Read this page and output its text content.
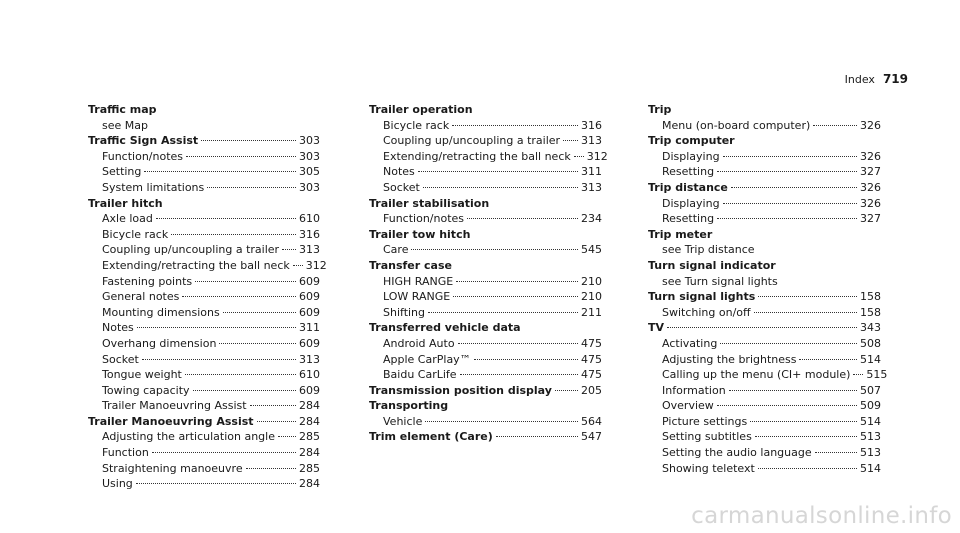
Index 719
Traffic map
see Map
Traffic Sign Assist	303
Function/notes	303
Setting	305
System limitations	303
Trailer hitch
Axle load	610
Bicycle rack	316
Coupling up/uncoupling a trailer 313
Extending/retracting the ball neck 312
Fastening points	609
General notes	609
Mounting dimensions	609
Notes	311
Overhang dimension	609
Socket	313
Tongue weight	610
Towing capacity	609
Trailer Manoeuvring Assist	284
Trailer Manoeuvring Assist	284
Adjusting the articulation angle 285
Function	284
Straightening manoeuvre	285
Using	284
Trailer operation
Bicycle rack	316
Coupling up/uncoupling a trailer 313
Extending/retracting the ball neck 312
Notes	311
Socket	313
Trailer stabilisation
Function/notes	234
Trailer tow hitch
Care	545
Transfer case
HIGH RANGE	210
LOW RANGE	210
Shifting	211
Transferred vehicle data
Android Auto	475
Apple CarPlay™	475
Baidu CarLife	475
Transmission position display	205
Transporting
Vehicle	564
Trim element (Care)	547
Trip
Menu (on-board computer)	326
Trip computer
Displaying	326
Resetting	327
Trip distance	326
Displaying	326
Resetting	327
Trip meter
see Trip distance
Turn signal indicator
see Turn signal lights
Turn signal lights	158
Switching on/off	158
TV	343
Activating	508
Adjusting the brightness	514
Calling up the menu (CI+ module) 515
Information	507
Overview	509
Picture settings	514
Setting subtitles	513
Setting the audio language	513
Showing teletext	514
carmanualsonline.info
